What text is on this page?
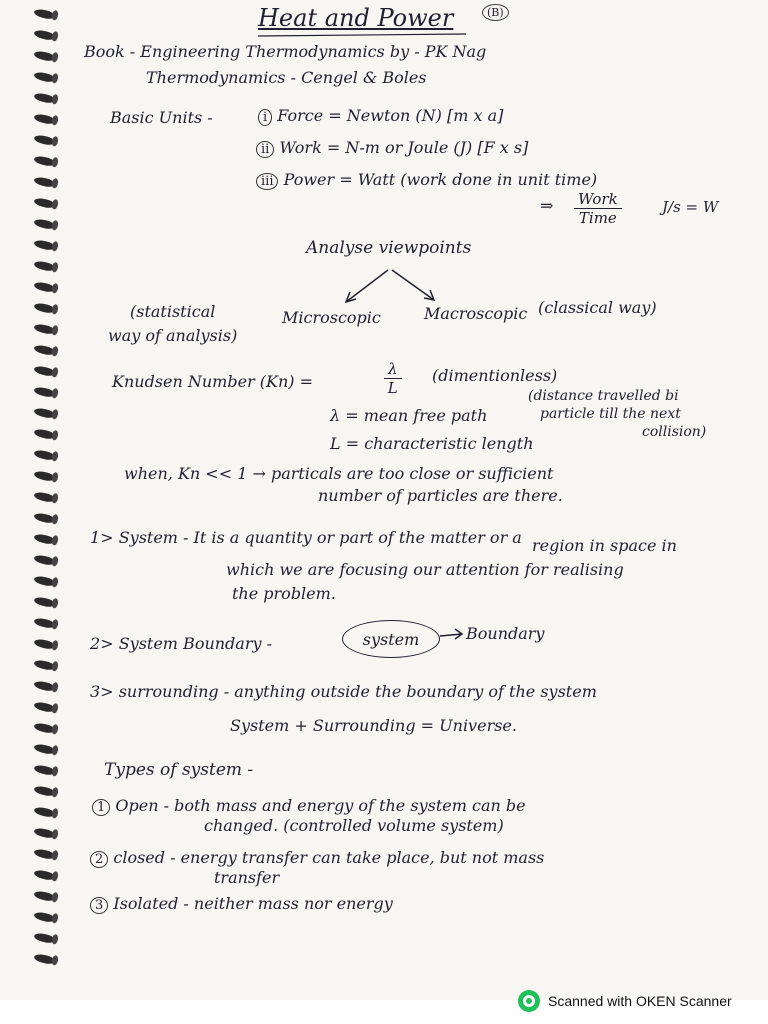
Heat and Power	(B)
Book - Engineering Thermodynamics by - PK Nag
Thermodynamics - Cengel & Boles
Basic Units -	i Force = Newton (N) [m x a]
ii Work = N-m or Joule (J) [F x s]
iii Power = Watt (work done in unit time)
⇒ Work
Time
J/s = W
Analyse viewpoints
(statistical
way of analysis)
Microscopic	Macroscopic (classical way)
Knudsen Number (Kn) =	$\frac{\lambda}{L}$ (dimentionless)
λ = mean free path
(distance travelled bi
particle till the next
collision)
L = characteristic length
when, Kn << 1 → particals are too close or sufficient
number of particles are there.
1> System - It is a quantity or part of the matter or a region in space in
which we are focusing our attention for realising
the problem.
2> System Boundary -	system	Boundary
3> surrounding - anything outside the boundary of the system
System + Surrounding = Universe.
Types of system -
1 Open - both mass and energy of the system can be
changed. (controlled volume system)
2 closed - energy transfer can take place, but not mass
transfer
3 Isolated - neither mass nor energy
Scanned with OKEN Scanner
